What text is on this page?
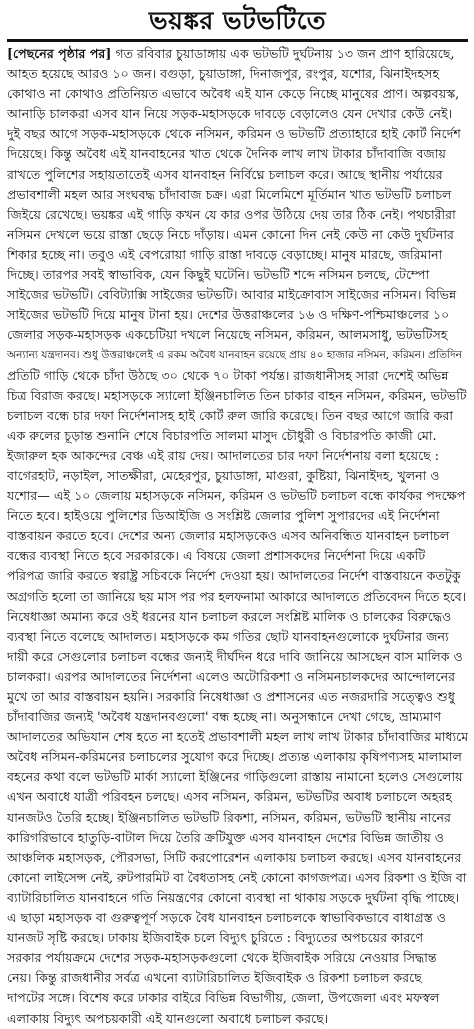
ভয়ঙ্কর ভটভটিতে
[পেছনের পৃষ্ঠার পর] গত রবিবার চুয়াডাঙ্গায় এক ভটভটি দুর্ঘটনায় ১৩ জন প্রাণ হারিয়েছে,
আহত হয়েছে আরও ১০ জন। বগুড়া, চুয়াডাঙ্গা, দিনাজপুর, রংপুর, যশোর, ঝিনাইদহসহ
কোথাও না কোথাও প্রতিনিয়ত এভাবে অবৈধ এই যান কেড়ে নিচ্ছে মানুষের প্রাণ। অল্পবয়স্ক,
আনাড়ি চালকরা এসব যান নিয়ে সড়ক-মহাসড়কে দাবড়ে বেড়ালেও যেন দেখার কেউ নেই।
দুই বছর আগে সড়ক-মহাসড়কে থেকে নসিমন, করিমন ও ভটভটি প্রত্যাহারে হাই কোর্ট নির্দেশ
দিয়েছে। কিন্তু অবৈধ এই যানবাহনের খাত থেকে দৈনিক লাখ লাখ টাকার চাঁদাবাজি বজায়
রাখতে পুলিশের সহায়তাতেই এসব যানবাহন নির্বিঘ্নে চলাচল করে। আছে স্থানীয় পর্যায়ের
প্রভাবশালী মহল আর সংঘবদ্ধ চাঁদাবাজ চক্র। এরা মিলেমিশে মূর্তিমান খাত ভটভটি চলাচল
জিইয়ে রেখেছে। ভয়ঙ্কর এই গাড়ি কখন যে কার ওপর উঠিয়ে দেয় তার ঠিক নেই। পথচারীরা
নসিমন দেখলে ভয়ে রাস্তা ছেড়ে নিচে দাঁড়ায়। এমন কোনো দিন নেই কেউ না কেউ দুর্ঘটনার
শিকার হচ্ছে না। তবুও এই বেপরোয়া গাড়ি রাস্তা দাবড়ে বেড়াচ্ছে। মানুষ মারছে, জরিমানা
দিচ্ছে। তারপর সবই স্বাভাবিক, যেন কিছুই ঘটেনি। ভটভটি শব্দে নসিমন চলছে, টেম্পো
সাইজের ভটভটি। বেবিট্যাক্সি সাইজের ভটভটি। আবার মাইক্রোবাস সাইজের নসিমন। বিভিন্ন
সাইজের ভটভটি দিয়ে মানুষ টানা হয়। দেশের উত্তরাঞ্চলের ১৬ ও দক্ষিণ-পশ্চিমাঞ্চলের ১০
জেলার সড়ক-মহাসড়ক একচেটিয়া দখলে নিয়েছে নসিমন, করিমন, আলমসাধু, ভটভটিসহ
অন্যান্য যন্ত্রদানব। শুধু উত্তরাঞ্চলেই এ রকম অবৈধ যানবাহন রয়েছে প্রায় ৪০ হাজার নসিমন, করিমন। প্রতিদিন
প্রতিটি গাড়ি থেকে চাঁদা উঠছে ৩০ থেকে ৭০ টাকা পর্যন্ত। রাজধানীসহ সারা দেশেই অভিন্ন
চিত্র বিরাজ করছে। মহাসড়কে স্যালো ইঞ্জিনচালিত তিন চাকার বাহন নসিমন, করিমন, ভটভটি
চলাচল বন্ধে চার দফা নির্দেশনাসহ হাই কোর্ট রুল জারি করেছে। তিন বছর আগে জারি করা
এক রুলের চূড়ান্ত শুনানি শেষে বিচারপতি সালমা মাসুদ চৌধুরী ও বিচারপতি কাজী মো.
ইজারুল হক আকন্দের বেঞ্চ এই রায় দেয়। আদালতের চার দফা নির্দেশনায় বলা হয়েছে :
বাগেরহাট, নড়াইল, সাতক্ষীরা, মেহেরপুর, চুয়াডাঙ্গা, মাগুরা, কুষ্টিয়া, ঝিনাইদহ, খুলনা ও
যশোর— এই ১০ জেলায় মহাসড়কে নসিমন, করিমন ও ভটভটি চলাচল বন্ধে কার্যকর পদক্ষেপ
নিতে হবে। হাইওয়ে পুলিশের ডিআইজি ও সংশ্লিষ্ট জেলার পুলিশ সুপারদের এই নির্দেশনা
বাস্তবায়ন করতে হবে। দেশের অন্য জেলার মহাসড়কেও এসব অনিবন্ধিত যানবাহন চলাচল
বন্ধের ব্যবস্থা নিতে হবে সরকারকে। এ বিষয়ে জেলা প্রশাসকদের নির্দেশনা দিয়ে একটি
পরিপত্র জারি করতে স্বরাষ্ট্র সচিবকে নির্দেশ দেওয়া হয়। আদালতের নির্দেশ বাস্তবায়নে কতটুকু
অগ্রগতি হলো তা জানিয়ে ছয় মাস পর পর হলফনামা আকারে আদালতে প্রতিবেদন দিতে হবে।
নিষেধাজ্ঞা অমান্য করে ওই ধরনের যান চলাচল করলে সংশ্লিষ্ট মালিক ও চালকের বিরুদ্ধেও
ব্যবস্থা নিতে বলেছে আদালত। মহাসড়কে কম গতির ছোট যানবাহনগুলোকে দুর্ঘটনার জন্য
দায়ী করে সেগুলোর চলাচল বন্ধের জন্যই দীর্ঘদিন ধরে দাবি জানিয়ে আসছেন বাস মালিক ও
চালকরা। এরপর আদালতের নির্দেশনা এলেও অটোরিকশা ও নসিমনচালকদের আন্দোলনের
মুখে তা আর বাস্তবায়ন হয়নি। সরকারি নিষেধাজ্ঞা ও প্রশাসনের এত নজরদারি সত্ত্বেও শুধু
চাঁদাবাজির জন্যই 'অবৈধ যন্ত্রদানবগুলো' বন্ধ হচ্ছে না। অনুসন্ধানে দেখা গেছে, ভ্রাম্যমাণ
আদালতের অভিযান শেষ হতে না হতেই প্রভাবশালী মহল লাখ লাখ টাকার চাঁদাবাজির মাধ্যমে
অবৈধ নসিমন-করিমনের চলাচলের সুযোগ করে দিচ্ছে। প্রত্যন্ত এলাকায় কৃষিপণ্যসহ মালামাল
বহনের কথা বলে ভটভটি মার্কা স্যালো ইঞ্জিনের গাড়িগুলো রাস্তায় নামানো হলেও সেগুলোয়
এখন অবাধে যাত্রী পরিবহন চলছে। এসব নসিমন, করিমন, ভটভটির অবাধ চলাচলে অহরহ
যানজটও তৈরি হচ্ছে। ইঞ্জিনচালিত ভটভটি রিকশা, নসিমন, করিমন, ভটভটি স্থানীয় নানের
কারিগরিভাবে হাতুড়ি-বাটাল দিয়ে তৈরি ক্রটিযুক্ত এসব যানবাহন দেশের বিভিন্ন জাতীয় ও
আঞ্চলিক মহাসড়ক, পৌরসভা, সিটি করপোরেশন এলাকায় চলাচল করছে। এসব যানবাহনের
কোনো লাইসেন্স নেই, রুটপারমিট বা বৈধতাসহ নেই কোনো কাগজপত্র। এসব রিকশা ও ইজি বা
ব্যাটারিচালিত যানবাহনে গতি নিয়ন্ত্রণের কোনো ব্যবস্থা না থাকায় সড়কে দুর্ঘটনা বৃদ্ধি পাচ্ছে।
এ ছাড়া মহাসড়ক বা গুরুত্বপূর্ণ সড়কে বৈধ যানবাহন চলাচলকে স্বাভাবিকভাবে বাধাগ্রস্ত ও
যানজট সৃষ্টি করছে। ঢাকায় ইজিবাইক চলে বিদ্যুৎ চুরিতে : বিদ্যুতের অপচয়ের কারণে
সরকার পর্যায়ক্রমে দেশের সড়ক-মহাসড়কগুলো থেকে ইজিবাইক সরিয়ে নেওয়ার সিদ্ধান্ত
নেয়। কিন্তু রাজধানীর সর্বত্র এখনো ব্যাটারিচালিত ইজিবাইক ও রিকশা চলাচল করছে
দাপটের সঙ্গে। বিশেষ করে ঢাকার বাইরে বিভিন্ন বিভাগীয়, জেলা, উপজেলা এবং মফস্বল
এলাকায় বিদ্যুৎ অপচয়কারী এই যানগুলো অবাধে চলাচল করছে।
